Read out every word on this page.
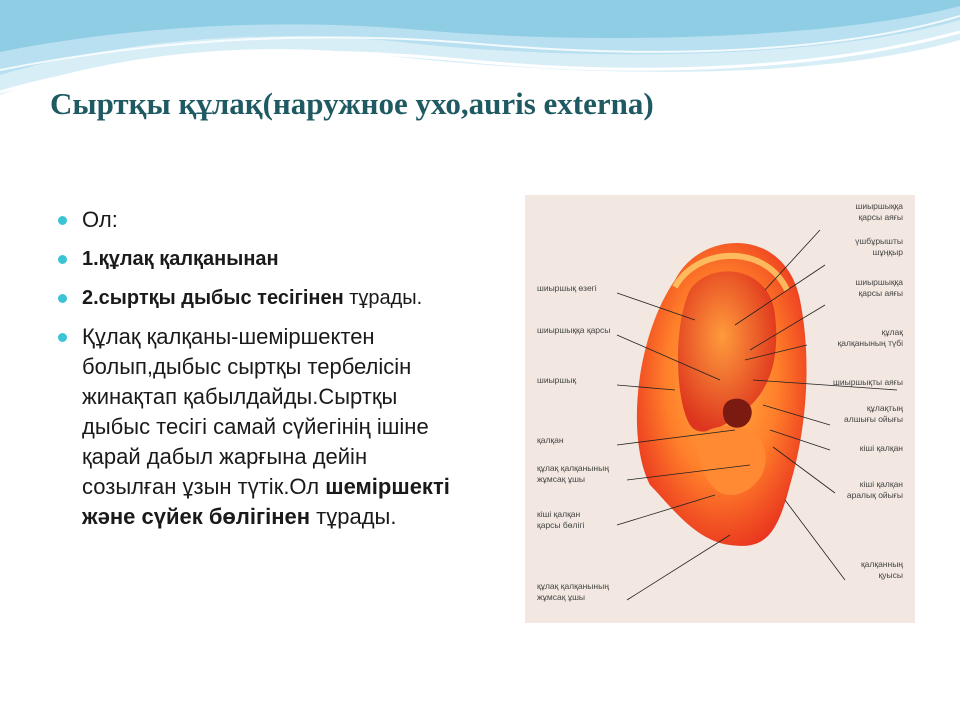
Сыртқы құлақ(наружное ухо,auris externa)
Ол:
1.құлақ қалқанынан
2.сыртқы дыбыс тесігінен тұрады.
Құлақ қалқаны-шеміршектен болып,дыбыс сыртқы тербелісін жинақтап қабылдайды.Сыртқы дыбыс тесігі самай сүйегінің ішіне қарай дабыл жарғына дейін созылған ұзын түтік.Ол шеміршекті және сүйек бөлігінен тұрады.
шиыршық өзегі
шиыршыққа қарсы
шиыршық
қалқан
құлақ қалқанының
жұмсақ ұшы
кіші қалқан
қарсы бөлігі
құлақ қалқанының
жұмсақ ұшы
шиыршыққа
қарсы аяғы
үшбұрышты
шұңқыр
шиыршыққа
қарсы аяғы
құлақ
қалқанының түбі
шиыршықты аяғы
құлақтың
алшығы ойығы
кіші қалқан
кіші қалқан
аралық ойығы
қалқанның
қуысы
